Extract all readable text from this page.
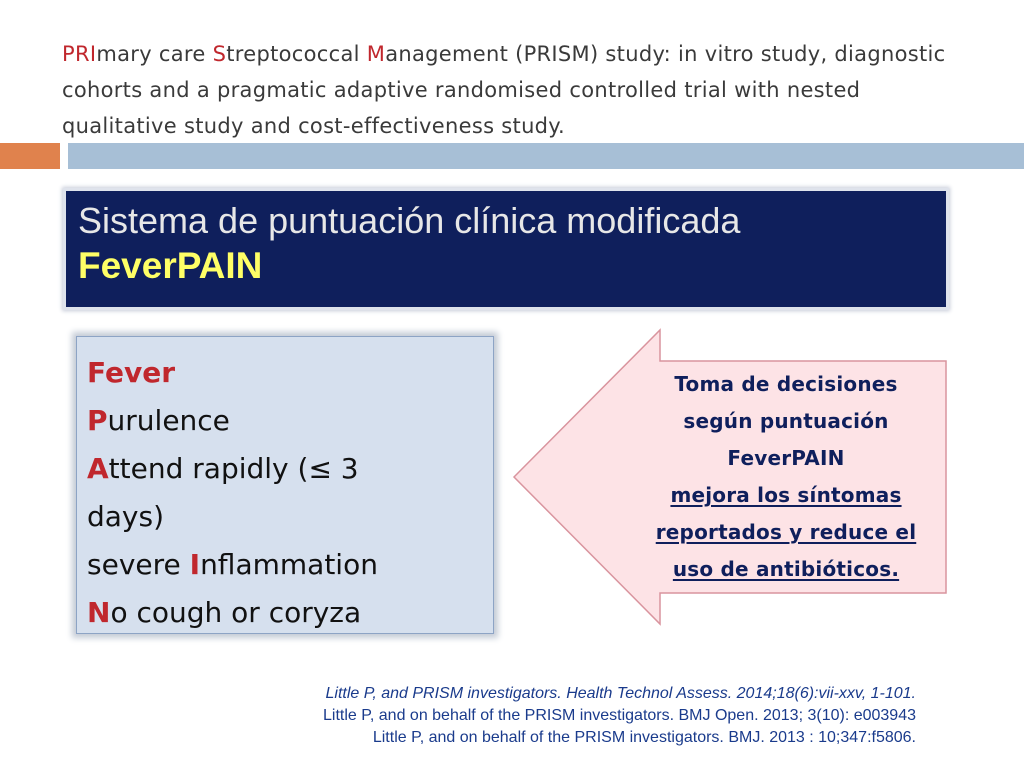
PRImary care Streptococcal Management (PRISM) study: in vitro study, diagnostic cohorts and a pragmatic adaptive randomised controlled trial with nested qualitative study and cost-effectiveness study.
Sistema de puntuación clínica modificada
FeverPAIN
Fever
Purulence
Attend rapidly (≤ 3
days)
severe Inflammation
No cough or coryza
Toma de decisiones
según puntuación
FeverPAIN
mejora los síntomas
reportados y reduce el
uso de antibióticos.
Little P, and PRISM investigators. Health Technol Assess. 2014;18(6):vii-xxv, 1-101.
Little P, and on behalf of the PRISM investigators. BMJ Open. 2013; 3(10): e003943
Little P, and on behalf of the PRISM investigators. BMJ. 2013 : 10;347:f5806.
